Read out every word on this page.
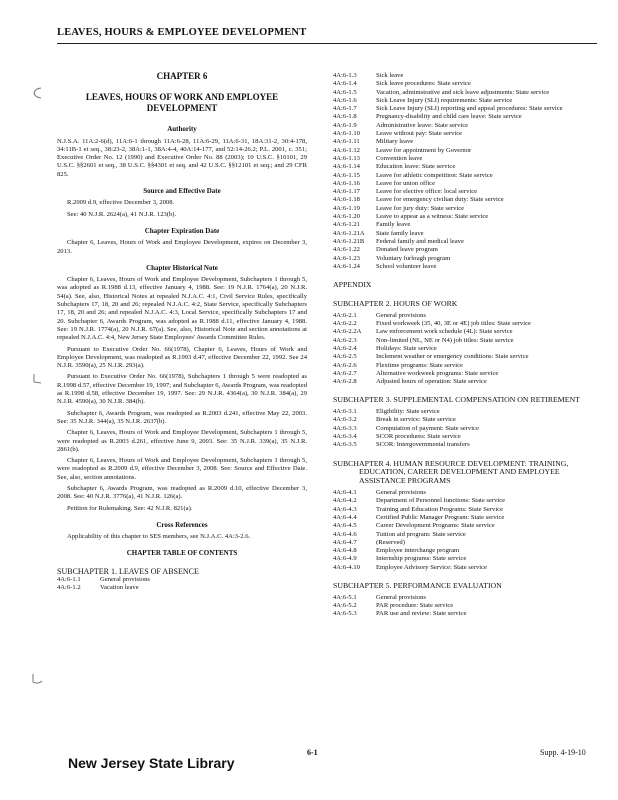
LEAVES, HOURS & EMPLOYEE DEVELOPMENT
CHAPTER 6
LEAVES, HOURS OF WORK AND EMPLOYEE DEVELOPMENT
Authority

N.J.S.A. 11A:2-6(d), 11A:6-1 through 11A:6-28, 11A:6-29, 11A:6-31, 18A:31-2, 30:4-178, 34:11B-1 et seq., 38:23-2, 38A:1-1, 38A:4-4, 40A:14-177, and 52:14-26.2; P.L. 2001, c. 351; Executive Order No. 12 (1990) and Executive Order No. 88 (2003); 10 U.S.C. §10101, 29 U.S.C. §§2601 et seq., 38 U.S.C. §§4301 et seq. and 42 U.S.C. §§12101 et seq.; and 29 CFR 825.

Source and Effective Date

R.2009 d.9, effective December 3, 2008.

See: 40 N.J.R. 2624(a), 41 N.J.R. 123(b).

Chapter Expiration Date

Chapter 6, Leaves, Hours of Work and Employee Development, expires on December 3, 2013.

Chapter Historical Note

Chapter 6, Leaves, Hours of Work and Employee Development, Subchapters 1 through 5, was adopted as R.1988 d.13, effective January 4, 1988. See: 19 N.J.R. 1764(a), 20 N.J.R. 54(a). See, also, Historical Notes at repealed N.J.A.C. 4:1, Civil Service Rules, specifically Subchapters 17, 18, 20 and 26; repealed N.J.A.C. 4:2, State Service, specifically Subchapters 17, 18, 20 and 26; and repealed N.J.A.C. 4:3, Local Service, specifically Subchapters 17 and 20. Subchapter 6, Awards Program, was adopted as R.1988 d.11, effective January 4, 1988. See: 19 N.J.R. 1774(a), 20 N.J.R. 67(a). See, also, Historical Note and section annotations at repealed N.J.A.C. 4:4, New Jersey State Employees' Awards Committee Rules.

Pursuant to Executive Order No. 66(1978), Chapter 6, Leaves, Hours of Work and Employee Development, was readopted as R.1993 d.47, effective December 22, 1992. See 24 N.J.R. 3590(a), 25 N.J.R. 293(a).

Pursuant to Executive Order No. 66(1978), Subchapters 1 through 5 were readopted as R.1998 d.57, effective December 19, 1997; and Subchapter 6, Awards Program, was readopted as R.1998 d.58, effective December 19, 1997. See: 29 N.J.R. 4364(a), 30 N.J.R. 384(a), 29 N.J.R. 4590(a), 30 N.J.R. 384(b).

Subchapter 6, Awards Program, was readopted as R.2003 d.241, effective May 22, 2003. See: 35 N.J.R. 344(a), 35 N.J.R. 2637(b).

Chapter 6, Leaves, Hours of Work and Employee Development, Subchapters 1 through 5, were readopted as R.2003 d.261, effective June 9, 2003. See: 35 N.J.R. 339(a), 35 N.J.R. 2861(b).

Chapter 6, Leaves, Hours of Work and Employee Development, Subchapters 1 through 5, were readopted as R.2009 d.9, effective December 3, 2008. See: Source and Effective Date. See, also, section annotations.

Subchapter 6, Awards Program, was readopted as R.2009 d.10, effective December 3, 2008. See: 40 N.J.R. 3776(a), 41 N.J.R. 126(a).

Petition for Rulemaking. See: 42 N.J.R. 821(a).

Cross References

Applicability of this chapter to SES members, see N.J.A.C. 4A:3-2.6.

CHAPTER TABLE OF CONTENTS
SUBCHAPTER 1. LEAVES OF ABSENCE
4A:6-1.1	General provisions
4A:6-1.2	Vacation leave
4A:6-1.3	Sick leave
4A:6-1.4	Sick leave procedures: State service
4A:6-1.5	Vacation, administrative and sick leave adjustments: State service
4A:6-1.6	Sick Leave Injury (SLI) requirements: State service
4A:6-1.7	Sick Leave Injury (SLI) reporting and appeal procedures: State service
4A:6-1.8	Pregnancy-disability and child care leave: State service
4A:6-1.9	Administrative leave: State service
4A:6-1.10	Leave without pay: State service
4A:6-1.11	Military leave
4A:6-1.12	Leave for appointment by Governor
4A:6-1.13	Convention leave
4A:6-1.14	Education leave: State service
4A:6-1.15	Leave for athletic competition: State service
4A:6-1.16	Leave for union office
4A:6-1.17	Leave for elective office: local service
4A:6-1.18	Leave for emergency civilian duty: State service
4A:6-1.19	Leave for jury duty: State service
4A:6-1.20	Leave to appear as a witness: State service
4A:6-1.21	Family leave
4A:6-1.21A	State family leave
4A:6-1.21B	Federal family and medical leave
4A:6-1.22	Donated leave program
4A:6-1.23	Voluntary furlough program
4A:6-1.24	School volunteer leave
APPENDIX
SUBCHAPTER 2. HOURS OF WORK
4A:6-2.1	General provisions
4A:6-2.2	Fixed workweek (35, 40, 3E or 4E) job titles: State service
4A:6-2.2A	Law enforcement work schedule (4L): State service
4A:6-2.3	Non-limited (NL, NE or N4) job titles: State service
4A:6-2.4	Holidays: State service
4A:6-2.5	Inclement weather or emergency conditions: State service
4A:6-2.6	Flextime programs: State service
4A:6-2.7	Alternative workweek programs: State service
4A:6-2.8	Adjusted hours of operation: State service
SUBCHAPTER 3. SUPPLEMENTAL COMPENSATION ON RETIREMENT
4A:6-3.1	Eligibility: State service
4A:6-3.2	Break in service: State service
4A:6-3.3	Computation of payment: State service
4A:6-3.4	SCOR procedures: State service
4A:6-3.5	SCOR: Intergovernmental transfers
SUBCHAPTER 4. HUMAN RESOURCE DEVELOPMENT: TRAINING, EDUCATION, CAREER DEVELOPMENT AND EMPLOYEE ASSISTANCE PROGRAMS
4A:6-4.1	General provisions
4A:6-4.2	Department of Personnel functions: State service
4A:6-4.3	Training and Education Programs: State Service
4A:6-4.4	Certified Public Manager Program: State service
4A:6-4.5	Career Development Programs: State service
4A:6-4.6	Tuition aid program: State service
4A:6-4.7	(Reserved)
4A:6-4.8	Employee interchange program
4A:6-4.9	Internship programs: State service
4A:6-4.10	Employee Advisory Service: State service
SUBCHAPTER 5. PERFORMANCE EVALUATION
4A:6-5.1	General provisions
4A:6-5.2	PAR procedure: State service
4A:6-5.3	PAR use and review: State service
6-1	Supp. 4-19-10
New Jersey State Library
